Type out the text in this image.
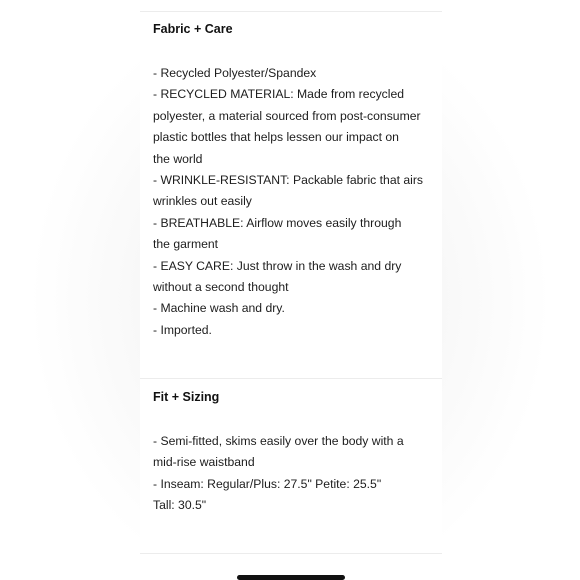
Fabric + Care
- Recycled Polyester/Spandex
- RECYCLED MATERIAL: Made from recycled
polyester, a material sourced from post-consumer
plastic bottles that helps lessen our impact on
the world
- WRINKLE-RESISTANT: Packable fabric that airs
wrinkles out easily
- BREATHABLE: Airflow moves easily through
the garment
- EASY CARE: Just throw in the wash and dry
without a second thought
- Machine wash and dry.
- Imported.
Fit + Sizing
- Semi-fitted, skims easily over the body with a
mid-rise waistband
- Inseam: Regular/Plus: 27.5" Petite: 25.5"
Tall: 30.5"
